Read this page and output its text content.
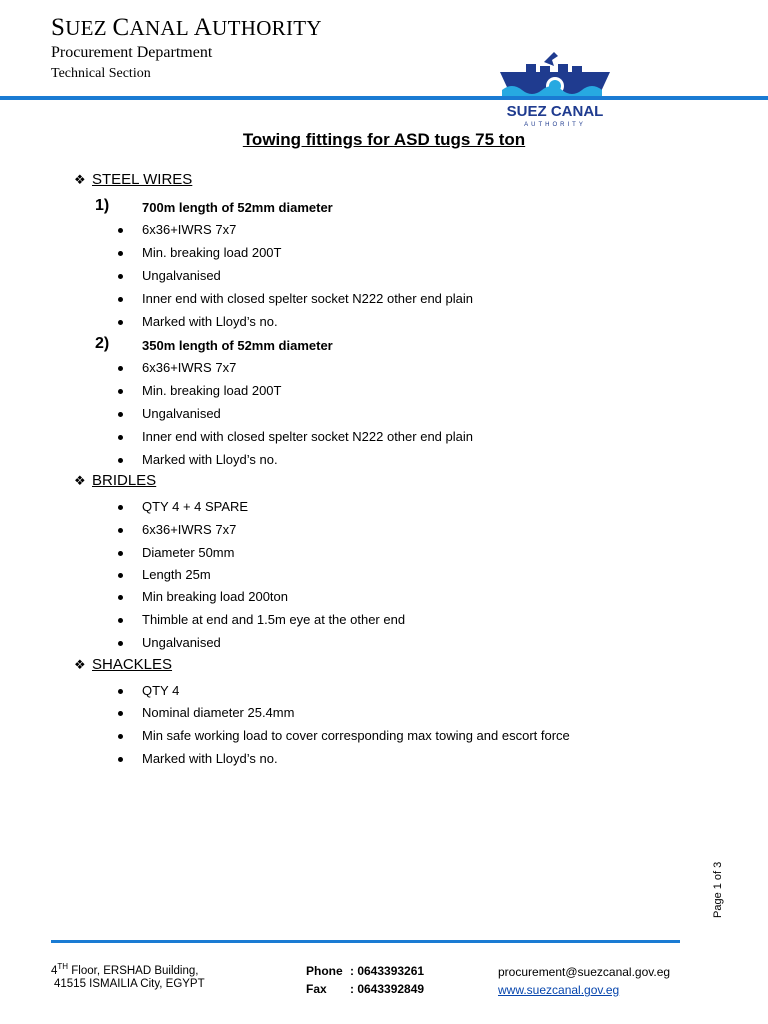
SUEZ CANAL AUTHORITY
Procurement Department
Technical Section
SUEZ CANAL
AUTHORITY
Towing fittings for ASD tugs 75 ton
❖ STEEL WIRES
1)	700m length of 52mm diameter
6x36+IWRS 7x7
Min. breaking load 200T
Ungalvanised
Inner end with closed spelter socket N222 other end plain
Marked with Lloyd’s no.
2)	350m length of 52mm diameter
6x36+IWRS 7x7
Min. breaking load 200T
Ungalvanised
Inner end with closed spelter socket N222 other end plain
Marked with Lloyd’s no.
❖ BRIDLES
QTY 4 + 4 SPARE
6x36+IWRS 7x7
Diameter 50mm
Length 25m
Min breaking load 200ton
Thimble at end and 1.5m eye at the other end
Ungalvanised
❖ SHACKLES
QTY 4
Nominal diameter 25.4mm
Min safe working load to cover corresponding max towing and escort force
Marked with Lloyd’s no.
Page 1 of 3
4TH Floor, ERSHAD Building,
41515 ISMAILIA City, EGYPT
Phone : 0643393261
Fax : 0643392849
procurement@suezcanal.gov.eg
www.suezcanal.gov.eg
